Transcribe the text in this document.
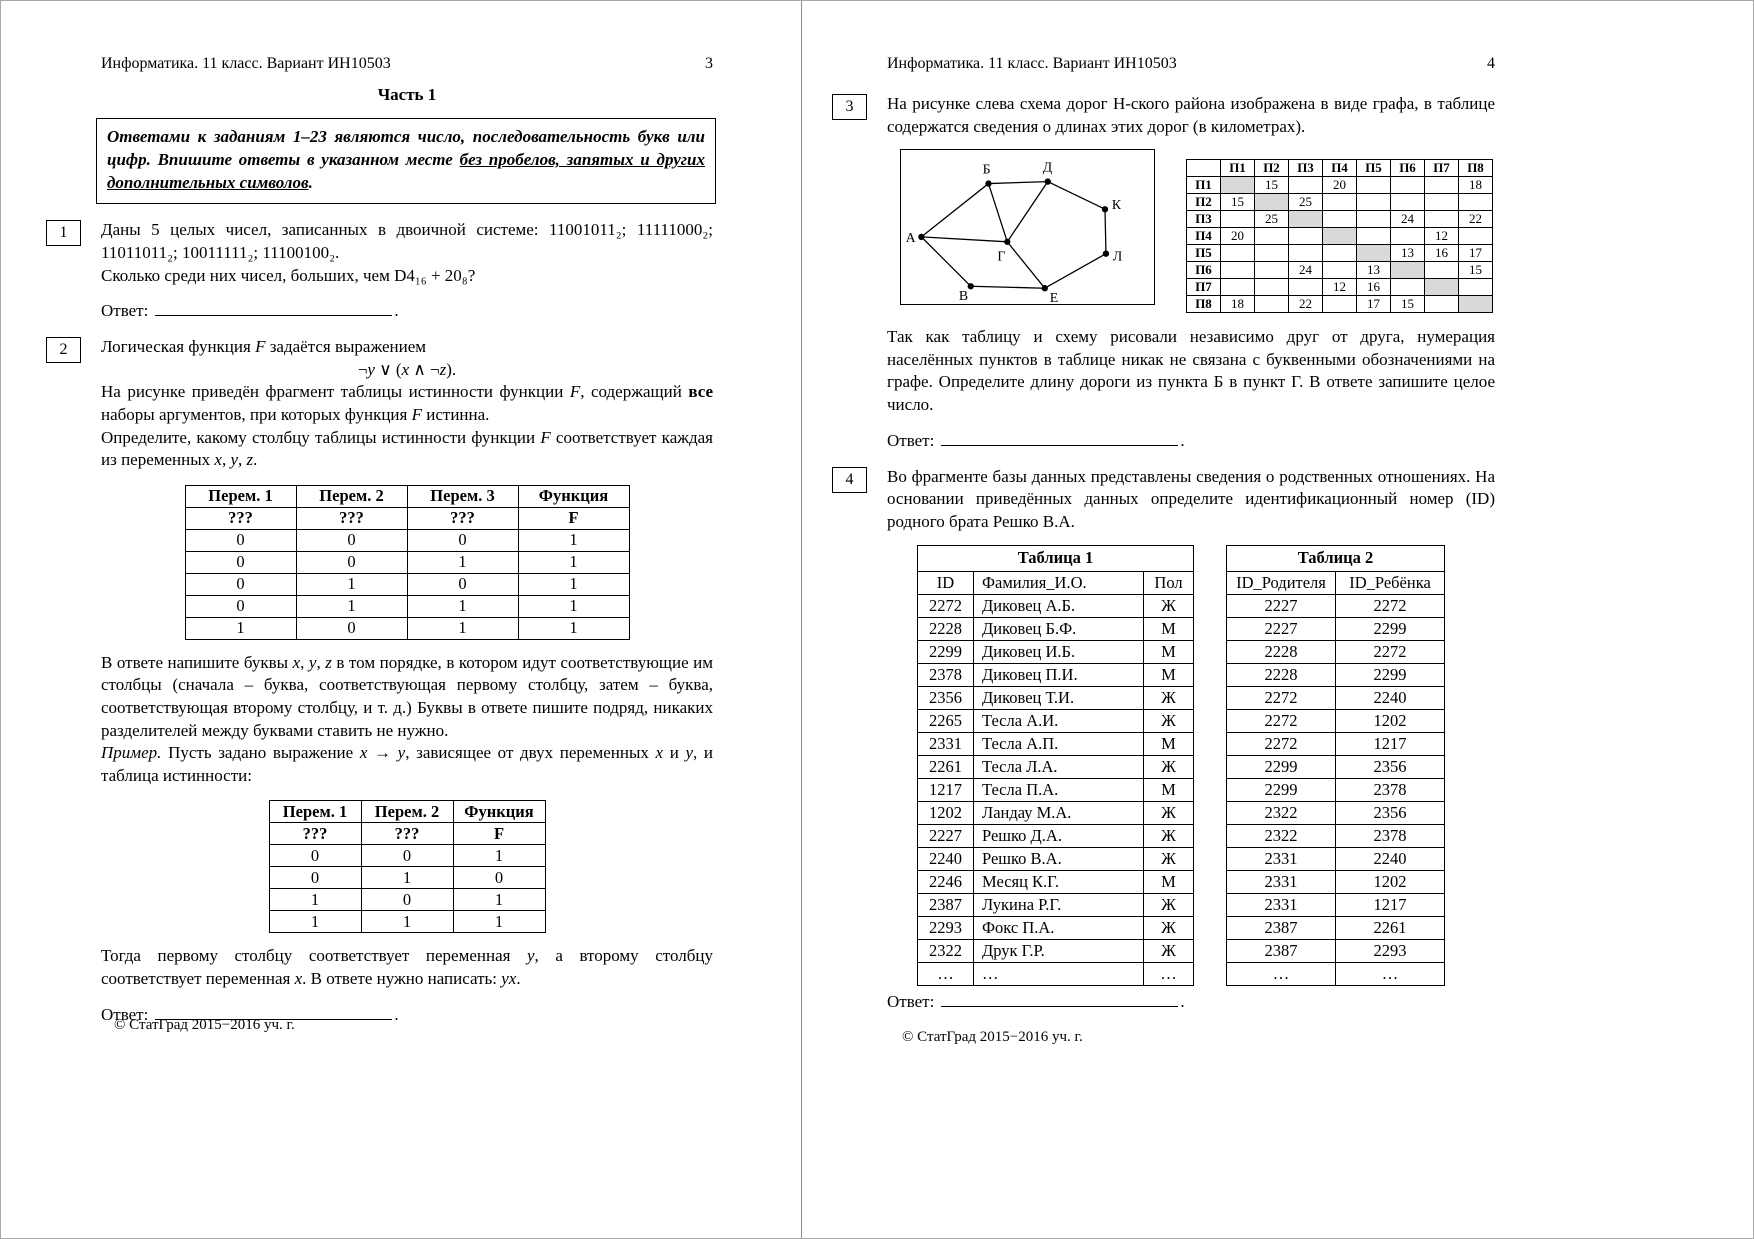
Информатика. 11 класс. Вариант ИН10503	3
Часть 1
Ответами к заданиям 1–23 являются число, последовательность букв или цифр. Впишите ответы в указанном месте без пробелов, запятых и других дополнительных символов.
1	Даны 5 целых чисел, записанных в двоичной системе: 11001011₂; 11111000₂; 11011011₂; 10011111₂; 11100100₂.

Сколько среди них чисел, больших, чем D4₁₆ + 20₈?

Ответ:	.
2	Логическая функция F задаётся выражением

¬y ∨ (x ∧ ¬z).

На рисунке приведён фрагмент таблицы истинности функции F, содержащий все наборы аргументов, при которых функция F истинна.

Определите, какому столбцу таблицы истинности функции F соответствует каждая из переменных x, y, z.

Перем. 1	Перем. 2	Перем. 3	Функция
???	???	???	F
0	0	0	1
0	0	1	1
0	1	0	1
0	1	1	1
1	0	1	1

В ответе напишите буквы x, y, z в том порядке, в котором идут соответствующие им столбцы (сначала – буква, соответствующая первому столбцу, затем – буква, соответствующая второму столбцу, и т. д.) Буквы в ответе пишите подряд, никаких разделителей между буквами ставить не нужно.

Пример. Пусть задано выражение x → y, зависящее от двух переменных x и y, и таблица истинности:

Перем. 1	Перем. 2	Функция
???	???	F
0	0	1
0	1	0
1	0	1
1	1	1

Тогда первому столбцу соответствует переменная y, а второму столбцу соответствует переменная x. В ответе нужно написать: yx.

Ответ:	.
© СтатГрад 2015−2016 уч. г.
Информатика. 11 класс. Вариант ИН10503	4
3	На рисунке слева схема дорог Н-ского района изображена в виде графа, в таблице содержатся сведения о длинах этих дорог (в километрах).

А
Б	Д
К
Л
Г
В	Е
	П1	П2	П3	П4	П5	П6	П7	П8
П1		15		20				18
П2	15		25					
П3		25				24		22
П4	20						12	
П5						13	16	17
П6			24		13			15
П7				12	16			
П8	18		22		17	15		

Так как таблицу и схему рисовали независимо друг от друга, нумерация населённых пунктов в таблице никак не связана с буквенными обозначениями на графе. Определите длину дороги из пункта Б в пункт Г. В ответе запишите целое число.

Ответ:	.
4	Во фрагменте базы данных представлены сведения о родственных отношениях. На основании приведённых данных определите идентификационный номер (ID) родного брата Решко В.А.

Таблица 1
ID	Фамилия_И.О.	Пол
2272	Диковец А.Б.	Ж
2228	Диковец Б.Ф.	М
2299	Диковец И.Б.	М
2378	Диковец П.И.	М
2356	Диковец Т.И.	Ж
2265	Тесла А.И.	Ж
2331	Тесла А.П.	М
2261	Тесла Л.А.	Ж
1217	Тесла П.А.	М
1202	Ландау М.А.	Ж
2227	Решко Д.А.	Ж
2240	Решко В.А.	Ж
2246	Месяц К.Г.	М
2387	Лукина Р.Г.	Ж
2293	Фокс П.А.	Ж
2322	Друк Г.Р.	Ж
…	…	…
Таблица 2
ID_Родителя	ID_Ребёнка
2227	2272
2227	2299
2228	2272
2228	2299
2272	2240
2272	1202
2272	1217
2299	2356
2299	2378
2322	2356
2322	2378
2331	2240
2331	1202
2331	1217
2387	2261
2387	2293
…	…
Ответ:	.
© СтатГрад 2015−2016 уч. г.
